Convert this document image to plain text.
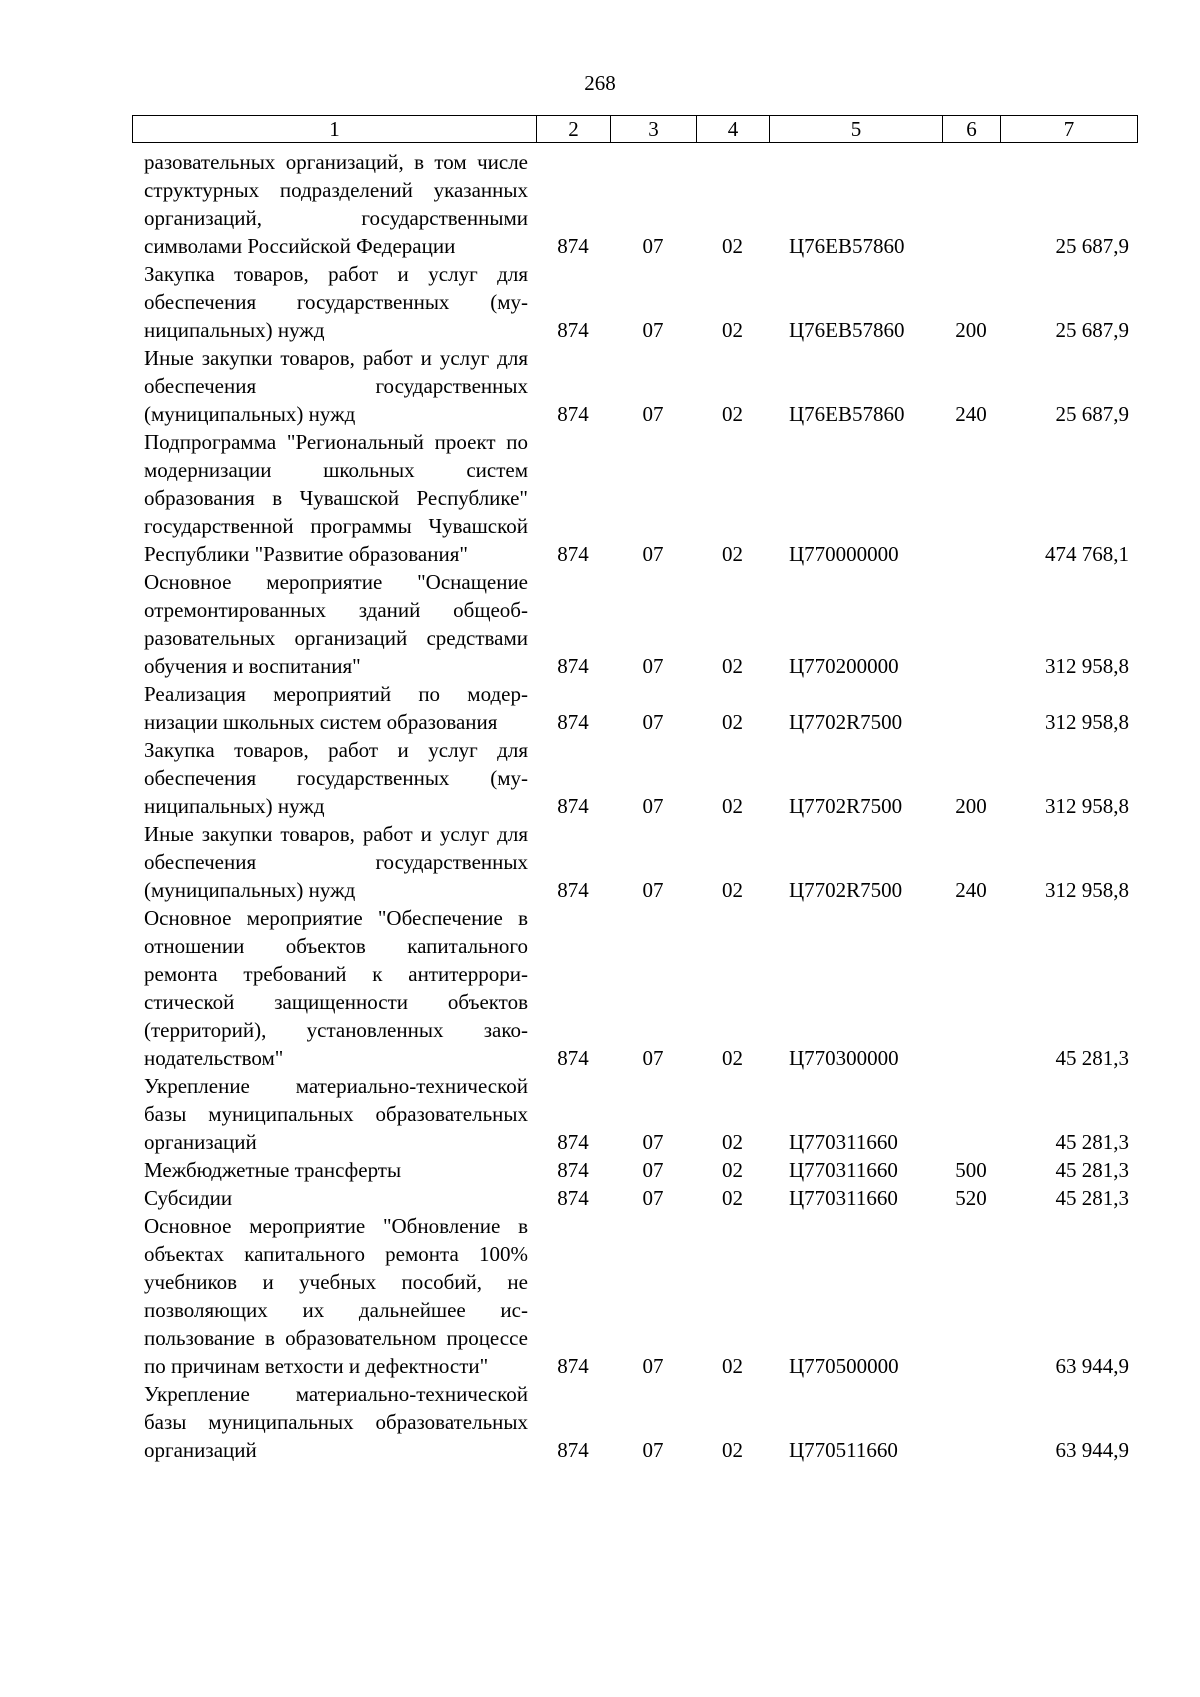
268
1	2	3	4	5	6	7
разовательных организаций, в том числе структурных подразделений указанных организаций, государственными символами Российской Федерации	874	07	02	Ц76ЕВ57860		25 687,9
Закупка товаров, работ и услуг для обеспечения государственных (муниципальных) нужд	874	07	02	Ц76ЕВ57860	200	25 687,9
Иные закупки товаров, работ и услуг для обеспечения государственных (муниципальных) нужд	874	07	02	Ц76ЕВ57860	240	25 687,9
Подпрограмма "Региональный проект по модернизации школьных систем образования в Чувашской Республике" государственной программы Чувашской Республики "Развитие образования"	874	07	02	Ц770000000		474 768,1
Основное мероприятие "Оснащение отремонтированных зданий общеобразовательных организаций средствами обучения и воспитания"	874	07	02	Ц770200000		312 958,8
Реализация мероприятий по модернизации школьных систем образования	874	07	02	Ц7702R7500		312 958,8
Закупка товаров, работ и услуг для обеспечения государственных (муниципальных) нужд	874	07	02	Ц7702R7500	200	312 958,8
Иные закупки товаров, работ и услуг для обеспечения государственных (муниципальных) нужд	874	07	02	Ц7702R7500	240	312 958,8
Основное мероприятие "Обеспечение в отношении объектов капитального ремонта требований к антитеррористической защищенности объектов (территорий), установленных законодательством"	874	07	02	Ц770300000		45 281,3
Укрепление материально-технической базы муниципальных образовательных организаций	874	07	02	Ц770311660		45 281,3
Межбюджетные трансферты	874	07	02	Ц770311660	500	45 281,3
Субсидии	874	07	02	Ц770311660	520	45 281,3
Основное мероприятие "Обновление в объектах капитального ремонта 100% учебников и учебных пособий, не позволяющих их дальнейшее использование в образовательном процессе по причинам ветхости и дефектности"	874	07	02	Ц770500000		63 944,9
Укрепление материально-технической базы муниципальных образовательных организаций	874	07	02	Ц770511660		63 944,9
